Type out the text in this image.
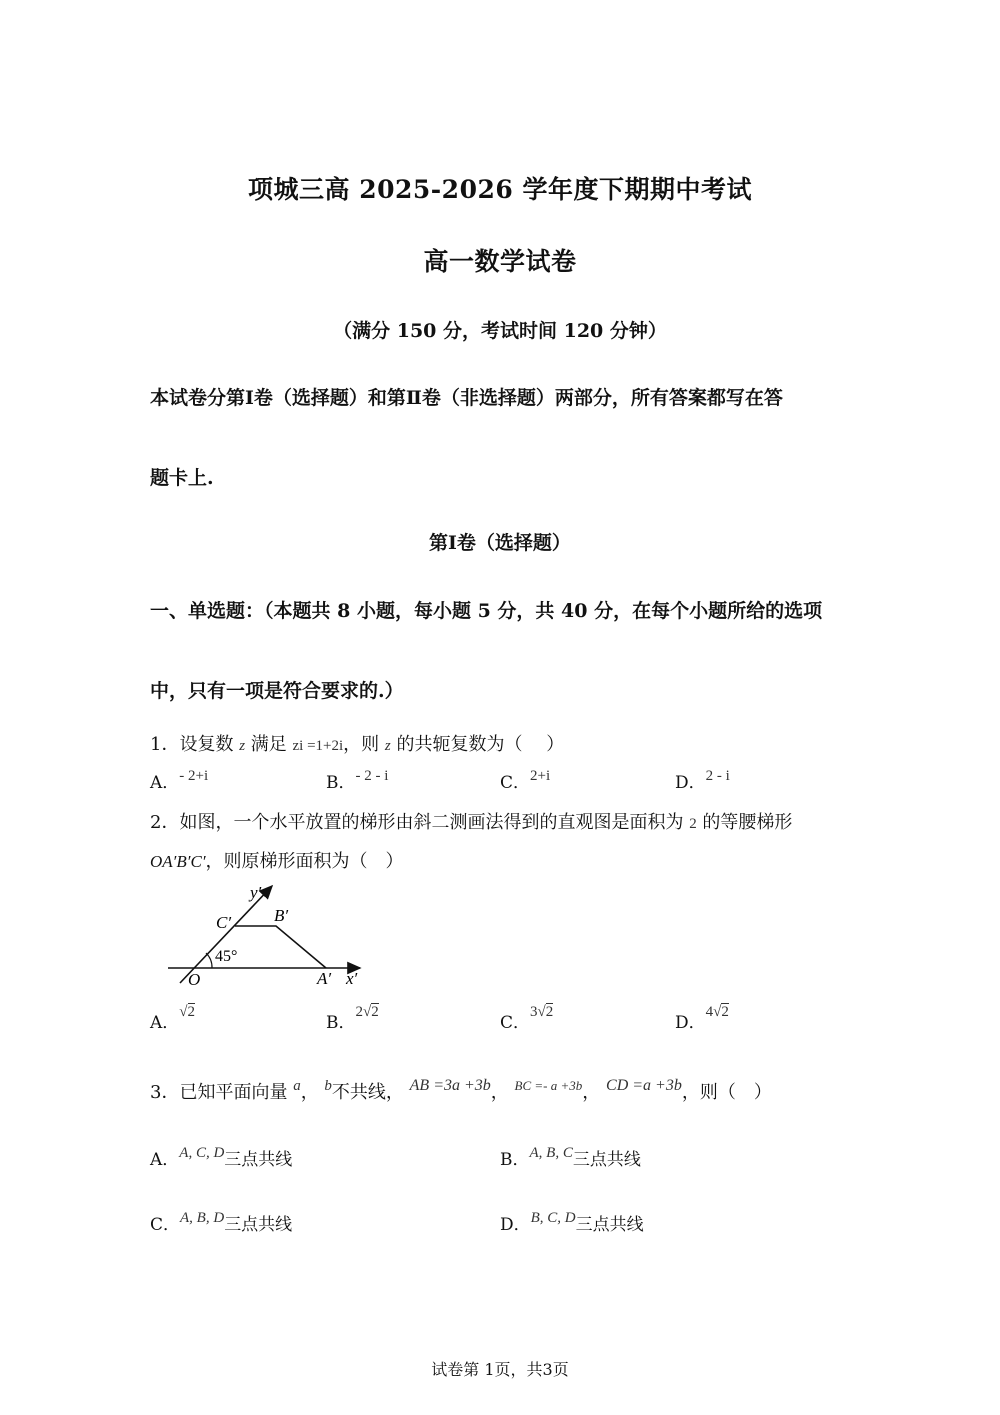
项城三高 2025-2026 学年度下期期中考试
高一数学试卷
（满分 150 分，考试时间 120 分钟）
本试卷分第Ⅰ卷（选择题）和第Ⅱ卷（非选择题）两部分，所有答案都写在答
题卡上.
第Ⅰ卷（选择题）
一、单选题：（本题共 8 小题，每小题 5 分，共 40 分，在每个小题所给的选项
中，只有一项是符合要求的.）
1．设复数 z 满足 zi =1+2i，则 z 的共轭复数为（　 ）
A．- 2+i	B．- 2 - i	C．2+i	D．2 - i
2．如图，一个水平放置的梯形由斜二测画法得到的直观图是面积为 2 的等腰梯形
OA′B′C′，则原梯形面积为（　）
y′
x′
O	A′
B′
C′
45°
A．√2
B．2√2
C．3√2
D．4√2
3．已知平面向量 $^a$， $^b$不共线， AB =3a +3b， $^{BC =- a +3b}$， CD =a +3b，则（　）
A．A, C, D三点共线	B．A, B, C三点共线
C．A, B, D三点共线	D．B, C, D三点共线
试卷第 1页，共3页
